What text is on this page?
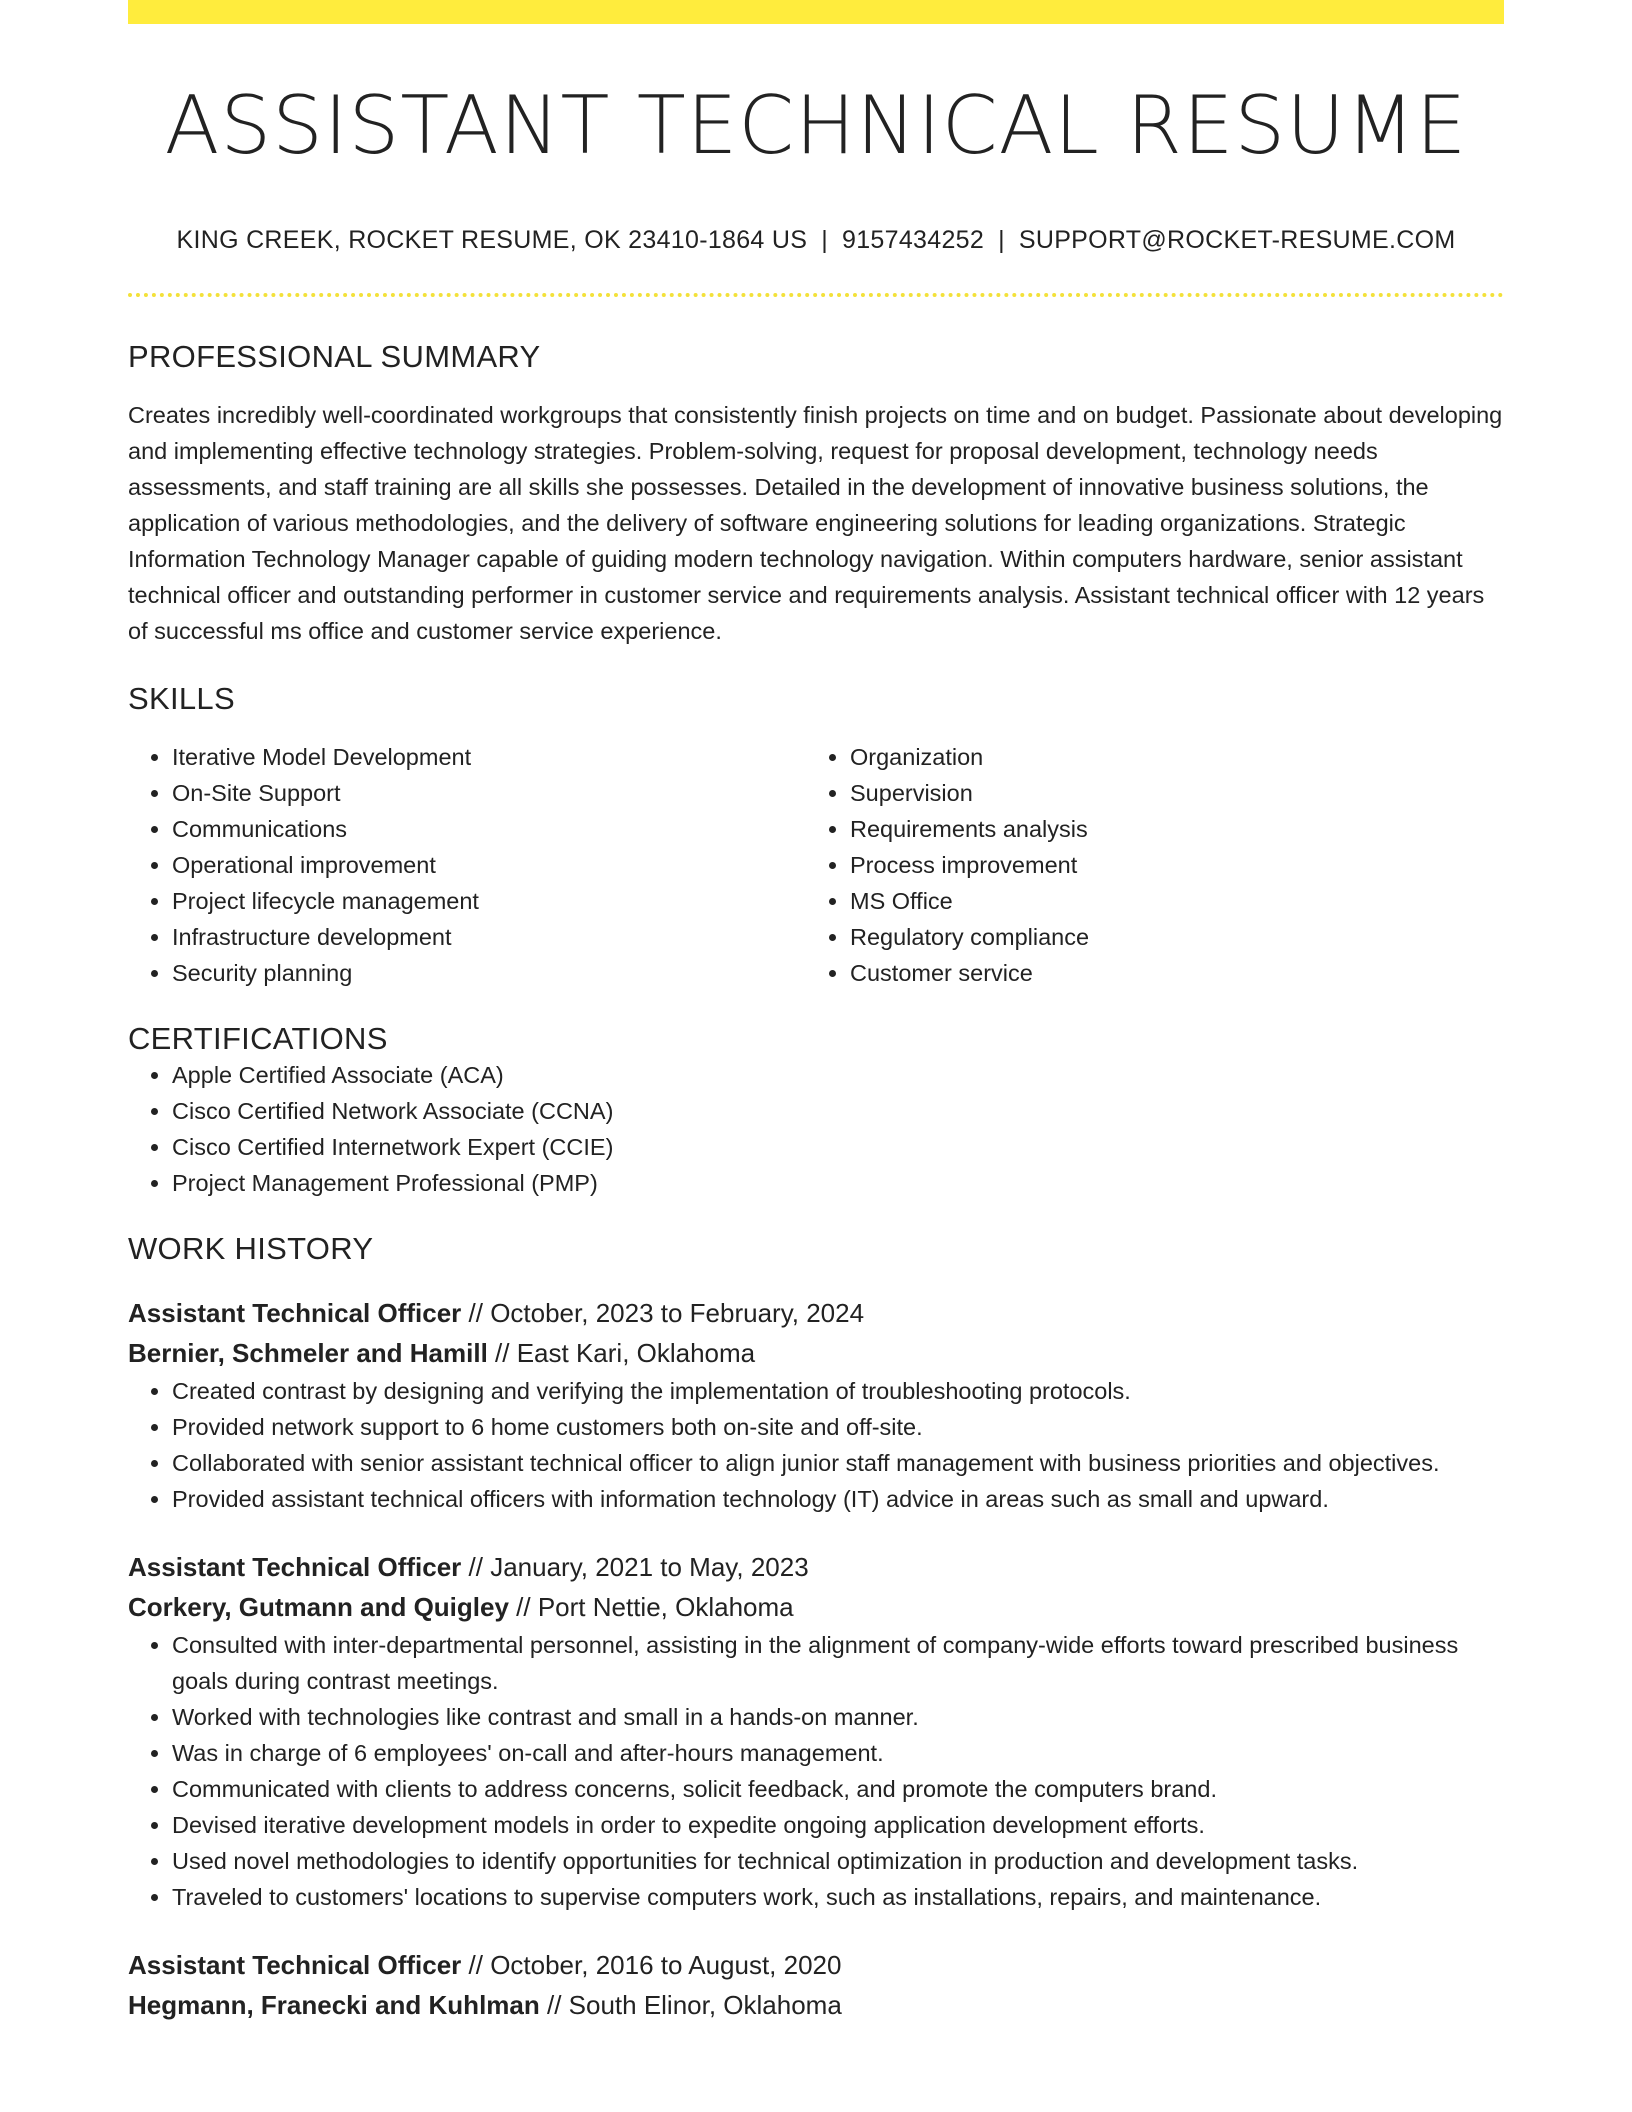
ASSISTANT TECHNICAL RESUME
KING CREEK, ROCKET RESUME, OK 23410-1864 US | 9157434252 | SUPPORT@ROCKET-RESUME.COM
PROFESSIONAL SUMMARY

Creates incredibly well-coordinated workgroups that consistently finish projects on time and on budget. Passionate about developing and implementing effective technology strategies. Problem-solving, request for proposal development, technology needs assessments, and staff training are all skills she possesses. Detailed in the development of innovative business solutions, the application of various methodologies, and the delivery of software engineering solutions for leading organizations. Strategic Information Technology Manager capable of guiding modern technology navigation. Within computers hardware, senior assistant technical officer and outstanding performer in customer service and requirements analysis. Assistant technical officer with 12 years of successful ms office and customer service experience.

SKILLS
• Iterative Model Development
• On-Site Support
• Communications
• Operational improvement
• Project lifecycle management
• Infrastructure development
• Security planning
• Organization
• Supervision
• Requirements analysis
• Process improvement
• MS Office
• Regulatory compliance
• Customer service
CERTIFICATIONS
• Apple Certified Associate (ACA)
• Cisco Certified Network Associate (CCNA)
• Cisco Certified Internetwork Expert (CCIE)
• Project Management Professional (PMP)
WORK HISTORY
Assistant Technical Officer // October, 2023 to February, 2024
Bernier, Schmeler and Hamill // East Kari, Oklahoma
• Created contrast by designing and verifying the implementation of troubleshooting protocols.
• Provided network support to 6 home customers both on-site and off-site.
• Collaborated with senior assistant technical officer to align junior staff management with business priorities and objectives.
• Provided assistant technical officers with information technology (IT) advice in areas such as small and upward.
Assistant Technical Officer // January, 2021 to May, 2023
Corkery, Gutmann and Quigley // Port Nettie, Oklahoma
• Consulted with inter-departmental personnel, assisting in the alignment of company-wide efforts toward prescribed business goals during contrast meetings.
• Worked with technologies like contrast and small in a hands-on manner.
• Was in charge of 6 employees' on-call and after-hours management.
• Communicated with clients to address concerns, solicit feedback, and promote the computers brand.
• Devised iterative development models in order to expedite ongoing application development efforts.
• Used novel methodologies to identify opportunities for technical optimization in production and development tasks.
• Traveled to customers' locations to supervise computers work, such as installations, repairs, and maintenance.
Assistant Technical Officer // October, 2016 to August, 2020
Hegmann, Franecki and Kuhlman // South Elinor, Oklahoma
